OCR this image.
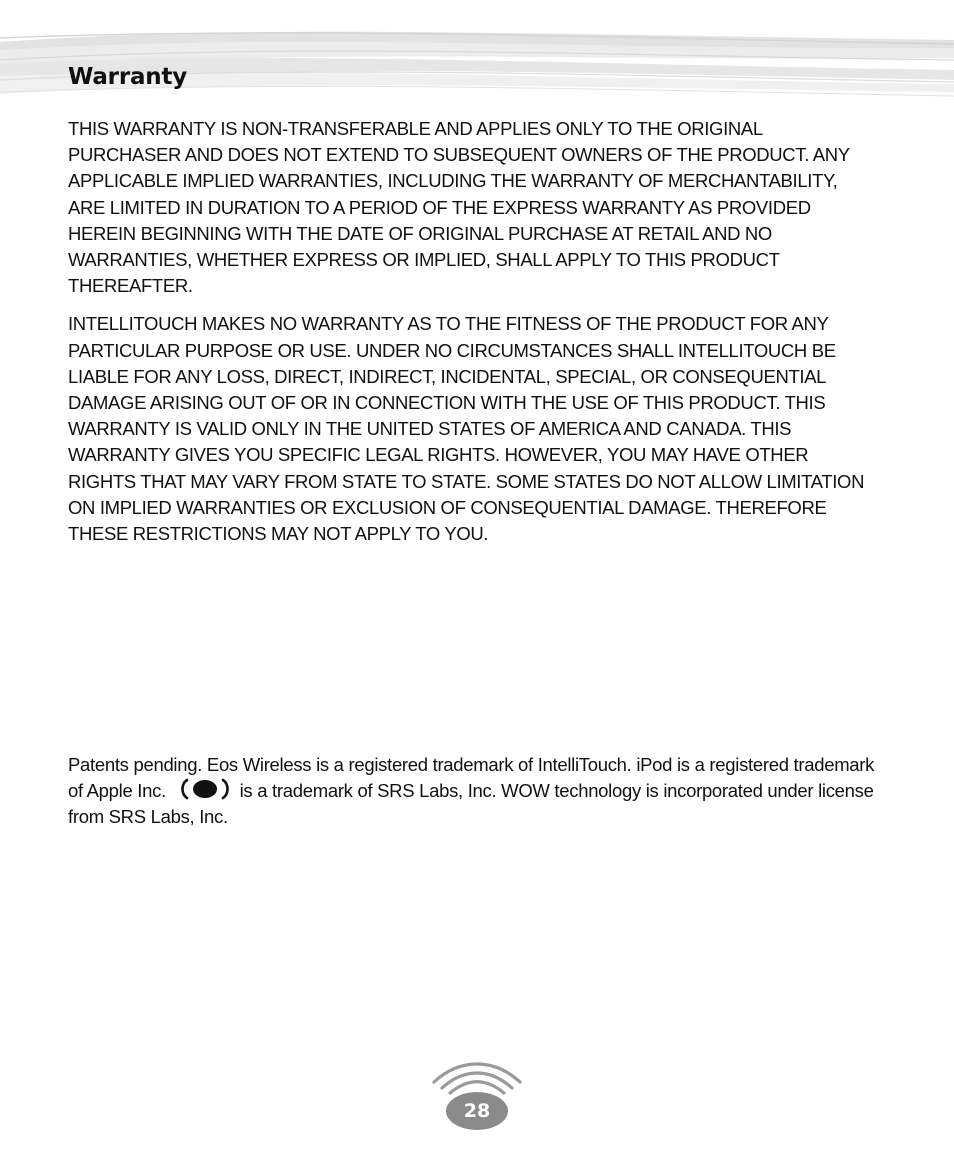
Warranty

THIS WARRANTY IS NON-TRANSFERABLE AND APPLIES ONLY TO THE ORIGINAL PURCHASER AND DOES NOT EXTEND TO SUBSEQUENT OWNERS OF THE PRODUCT. ANY APPLICABLE IMPLIED WARRANTIES, INCLUDING THE WARRANTY OF MERCHANTABILITY, ARE LIMITED IN DURATION TO A PERIOD OF THE EXPRESS WARRANTY AS PROVIDED HEREIN BEGINNING WITH THE DATE OF ORIGINAL PURCHASE AT RETAIL AND NO WARRANTIES, WHETHER EXPRESS OR IMPLIED, SHALL APPLY TO THIS PRODUCT THEREAFTER.

INTELLITOUCH MAKES NO WARRANTY AS TO THE FITNESS OF THE PRODUCT FOR ANY PARTICULAR PURPOSE OR USE. UNDER NO CIRCUMSTANCES SHALL INTELLITOUCH BE LIABLE FOR ANY LOSS, DIRECT, INDIRECT, INCIDENTAL, SPECIAL, OR CONSEQUENTIAL DAMAGE ARISING OUT OF OR IN CONNECTION WITH THE USE OF THIS PRODUCT. THIS WARRANTY IS VALID ONLY IN THE UNITED STATES OF AMERICA AND CANADA. THIS WARRANTY GIVES YOU SPECIFIC LEGAL RIGHTS. HOWEVER, YOU MAY HAVE OTHER RIGHTS THAT MAY VARY FROM STATE TO STATE. SOME STATES DO NOT ALLOW LIMITATION ON IMPLIED WARRANTIES OR EXCLUSION OF CONSEQUENTIAL DAMAGE. THEREFORE THESE RESTRICTIONS MAY NOT APPLY TO YOU.

Patents pending. Eos Wireless is a registered trademark of IntelliTouch. iPod is a registered trademark of Apple Inc.	is a trademark of SRS Labs, Inc. WOW technology is incorporated under license from SRS Labs, Inc.

28
